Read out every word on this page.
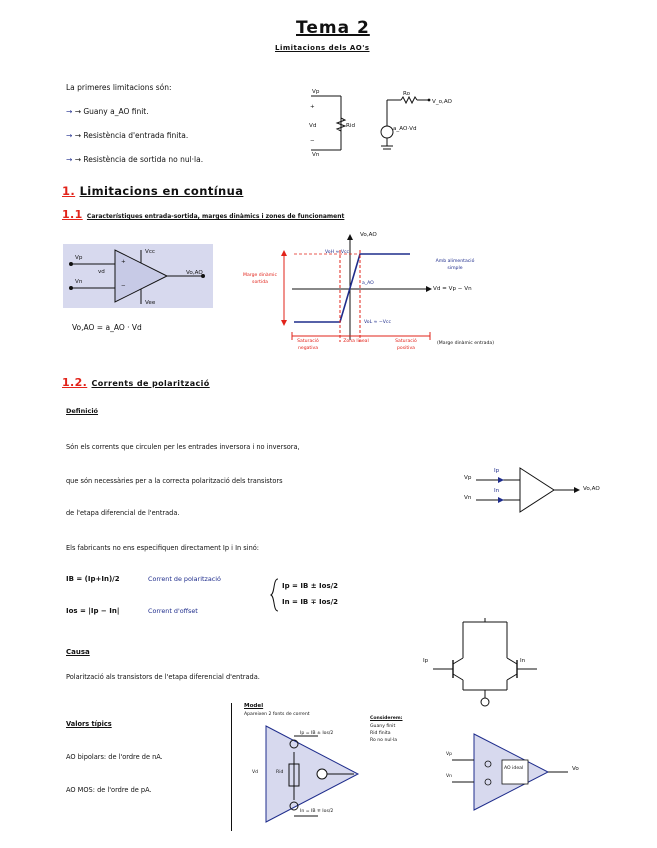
Tema 2
Limitacions dels AO's
La primeres limitacions són:
→ → Guany a_AO finit.
→ → Resistència d'entrada finita.
→ → Resistència de sortida no nul·la.
Vp
+
Vd	Rid
−
Vn
Ro
V_o,AO
a_AO·Vd
1. Limitacions en contínua
1.1 Característiques entrada-sortida, marges dinàmics i zones de funcionament
Vp
Vn
+
−
vd
Vcc
Vee
Vo,AO
Vo,AO = a_AO · Vd
Vo,AO
Vd = Vp − Vn
VoH ≈ Vcc
VoL ≈ −Vcc
a_AO
Marge dinàmic sortida
Amb alimentació simple
Saturació negativa
Zona lineal	Saturació positiva
(Marge dinàmic entrada)
1.2. Corrents de polarització
Definició
Són els corrents que circulen per les entrades inversora i no inversora,
que són necessàries per a la correcta polarització dels transistors
de l'etapa diferencial de l'entrada.
Els fabricants no ens especifiquen directament Ip i In sinó:
Vp
Vn
Ip
In	Vo,AO
IB = (Ip+In)/2	Corrent de polarització
Ios = |Ip − In|	Corrent d'offset
Ip = IB ± Ios/2
In = IB ∓ Ios/2
Causa
Polarització als transistors de l'etapa diferencial d'entrada.
Ip	In
Valors típics
AO bipolars: de l'ordre de nA.
AO MOS: de l'ordre de pA.
Model
Apareixen 2 fonts de corrent
Ip = IB ± Ios/2
In = IB ∓ Ios/2
Vd	Rid
Considerem:
Guany finit
Rid finita
Ro no nul·la
Vp
Vn
Vo
AO ideal
